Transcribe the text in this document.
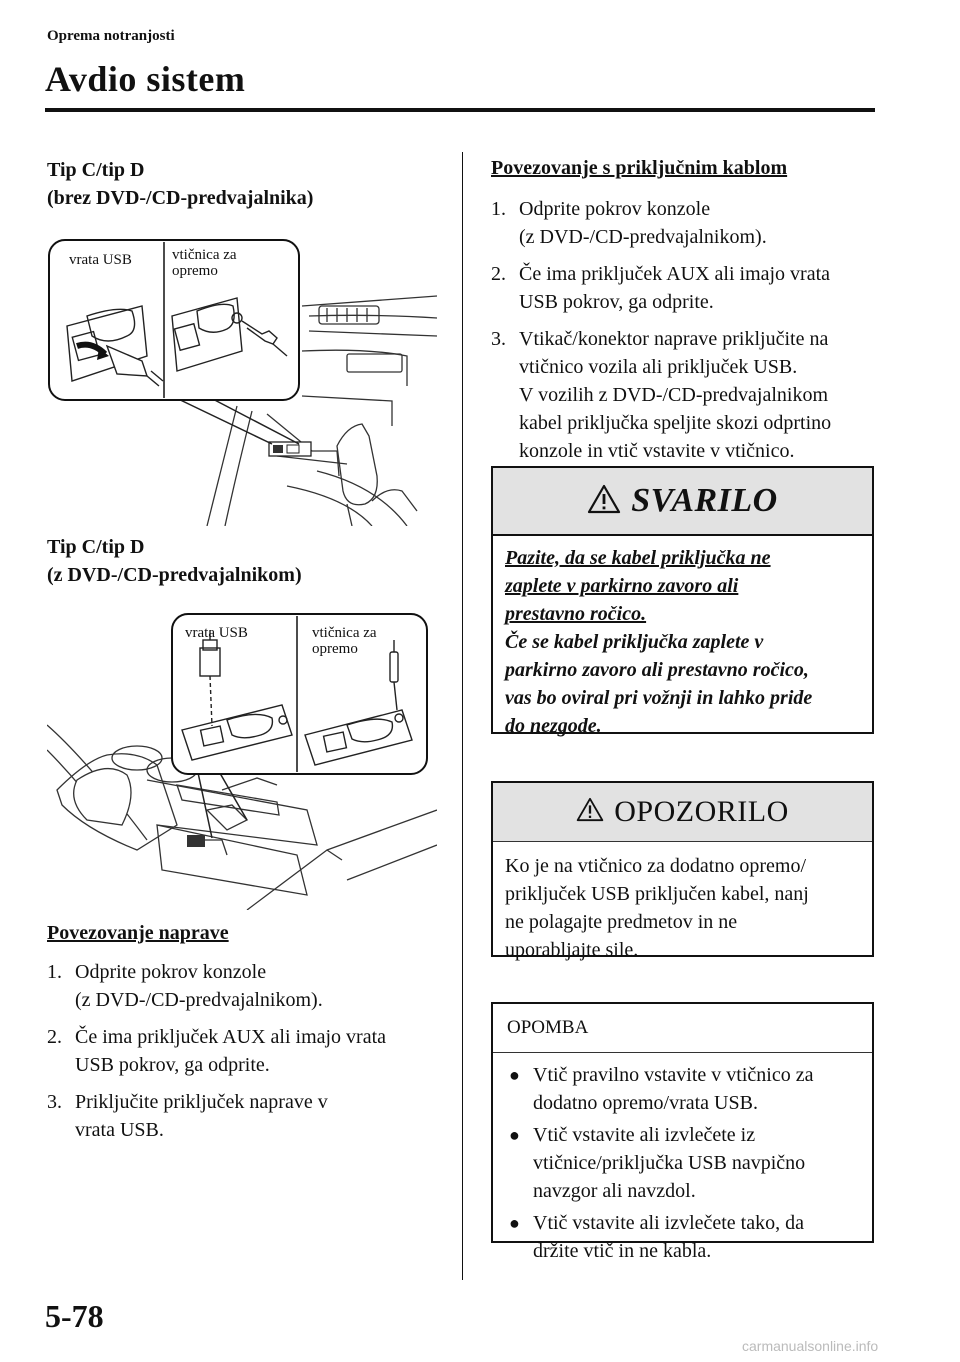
Oprema notranjosti
Avdio sistem
Tip C/tip D
(brez DVD-/CD-predvajalnika)
vrata USB	vtičnica za
opremo
Tip C/tip D
(z DVD-/CD-predvajalnikom)
vrata USB	vtičnica za
opremo
Povezovanje naprave
1. Odprite pokrov konzole
(z DVD-/CD-predvajalnikom).
2. Če ima priključek AUX ali imajo vrata
USB pokrov, ga odprite.
3. Priključite priključek naprave v
vrata USB.
Povezovanje s priključnim kablom
1. Odprite pokrov konzole
(z DVD-/CD-predvajalnikom).
2. Če ima priključek AUX ali imajo vrata
USB pokrov, ga odprite.
3. Vtikač/konektor naprave priključite na
vtičnico vozila ali priključek USB.
V vozilih z DVD-/CD-predvajalnikom
kabel priključka speljite skozi odprtino
konzole in vtič vstavite v vtičnico.
SVARILO
Pazite, da se kabel priključka ne
zaplete v parkirno zavoro ali
prestavno ročico.
Če se kabel priključka zaplete v
parkirno zavoro ali prestavno ročico,
vas bo oviral pri vožnji in lahko pride
do nezgode.
OPOZORILO
Ko je na vtičnico za dodatno opremo/
priključek USB priključen kabel, nanj
ne polagajte predmetov in ne
uporabljajte sile.
OPOMBA
● Vtič pravilno vstavite v vtičnico za
dodatno opremo/vrata USB.
● Vtič vstavite ali izvlečete iz
vtičnice/priključka USB navpično
navzgor ali navzdol.
● Vtič vstavite ali izvlečete tako, da
držite vtič in ne kabla.
5-78
carmanualsonline.info
